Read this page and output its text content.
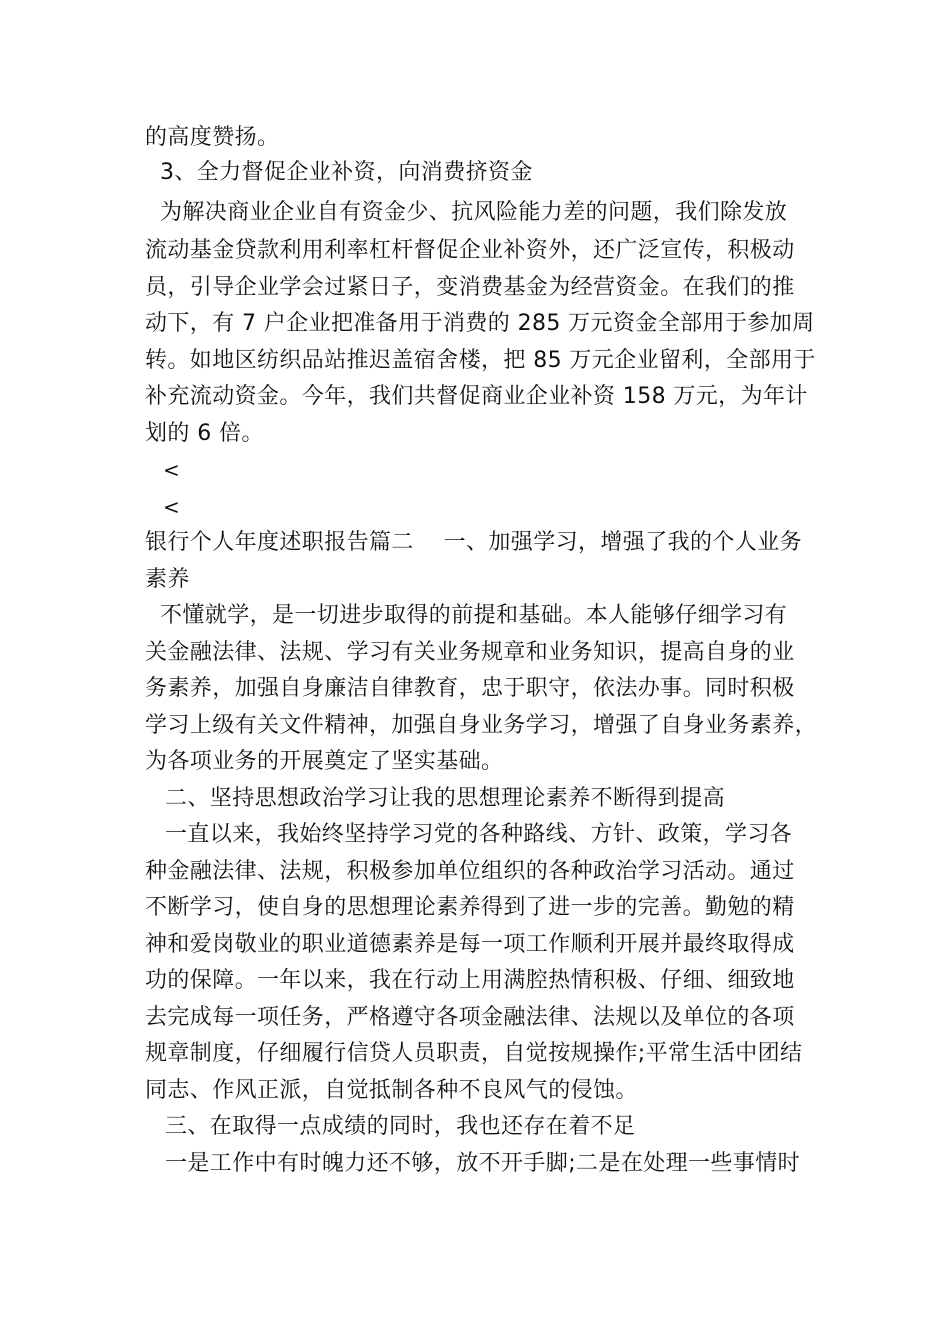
的高度赞扬。
3、全力督促企业补资，向消费挤资金
为解决商业企业自有资金少、抗风险能力差的问题，我们除发放
流动基金贷款利用利率杠杆督促企业补资外，还广泛宣传，积极动
员，引导企业学会过紧日子，变消费基金为经营资金。在我们的推
动下，有 7 户企业把准备用于消费的 285 万元资金全部用于参加周
转。如地区纺织品站推迟盖宿舍楼，把 85 万元企业留利，全部用于
补充流动资金。今年，我们共督促商业企业补资 158 万元，为年计
划的 6 倍。
<
<
银行个人年度述职报告篇二　 一、加强学习，增强了我的个人业务
素养
不懂就学，是一切进步取得的前提和基础。本人能够仔细学习有
关金融法律、法规、学习有关业务规章和业务知识，提高自身的业
务素养，加强自身廉洁自律教育，忠于职守，依法办事。同时积极
学习上级有关文件精神，加强自身业务学习，增强了自身业务素养，
为各项业务的开展奠定了坚实基础。
二、坚持思想政治学习让我的思想理论素养不断得到提高
一直以来，我始终坚持学习党的各种路线、方针、政策，学习各
种金融法律、法规，积极参加单位组织的各种政治学习活动。通过
不断学习，使自身的思想理论素养得到了进一步的完善。勤勉的精
神和爱岗敬业的职业道德素养是每一项工作顺利开展并最终取得成
功的保障。一年以来，我在行动上用满腔热情积极、仔细、细致地
去完成每一项任务，严格遵守各项金融法律、法规以及单位的各项
规章制度，仔细履行信贷人员职责，自觉按规操作;平常生活中团结
同志、作风正派，自觉抵制各种不良风气的侵蚀。
三、在取得一点成绩的同时，我也还存在着不足
一是工作中有时魄力还不够，放不开手脚;二是在处理一些事情时
